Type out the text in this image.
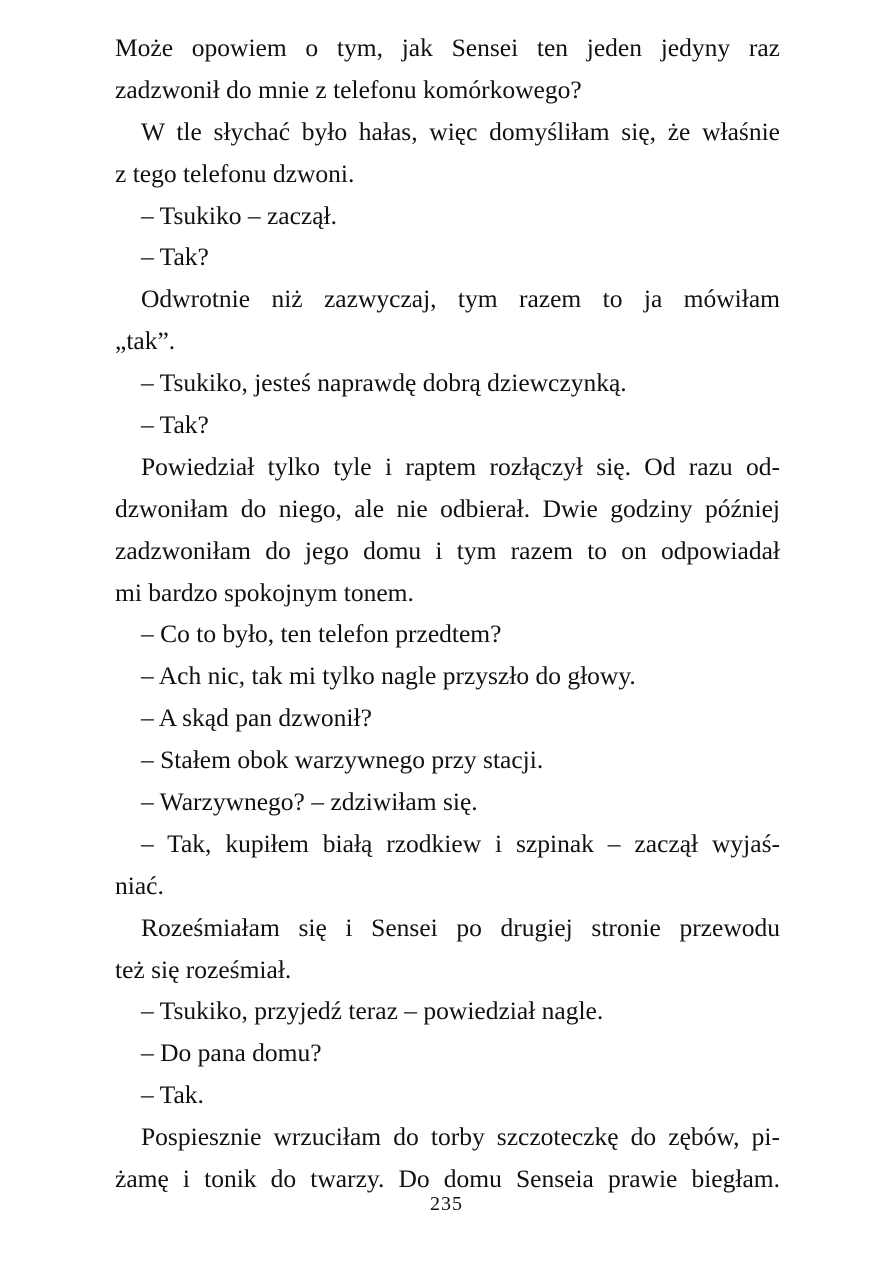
Może opowiem o tym, jak Sensei ten jeden jedyny raz
zadzwonił do mnie z telefonu komórkowego?
W tle słychać było hałas, więc domyśliłam się, że właśnie
z tego telefonu dzwoni.
– Tsukiko – zaczął.
– Tak?
Odwrotnie niż zazwyczaj, tym razem to ja mówiłam
„tak”.
– Tsukiko, jesteś naprawdę dobrą dziewczynką.
– Tak?
Powiedział tylko tyle i raptem rozłączył się. Od razu od-
dzwoniłam do niego, ale nie odbierał. Dwie godziny później
zadzwoniłam do jego domu i tym razem to on odpowiadał
mi bardzo spokojnym tonem.
– Co to było, ten telefon przedtem?
– Ach nic, tak mi tylko nagle przyszło do głowy.
– A skąd pan dzwonił?
– Stałem obok warzywnego przy stacji.
– Warzywnego? – zdziwiłam się.
– Tak, kupiłem białą rzodkiew i szpinak – zaczął wyjaś-
niać.
Roześmiałam się i Sensei po drugiej stronie przewodu
też się roześmiał.
– Tsukiko, przyjedź teraz – powiedział nagle.
– Do pana domu?
– Tak.
Pospiesznie wrzuciłam do torby szczoteczkę do zębów, pi-
żamę i tonik do twarzy. Do domu Senseia prawie biegłam.
235
